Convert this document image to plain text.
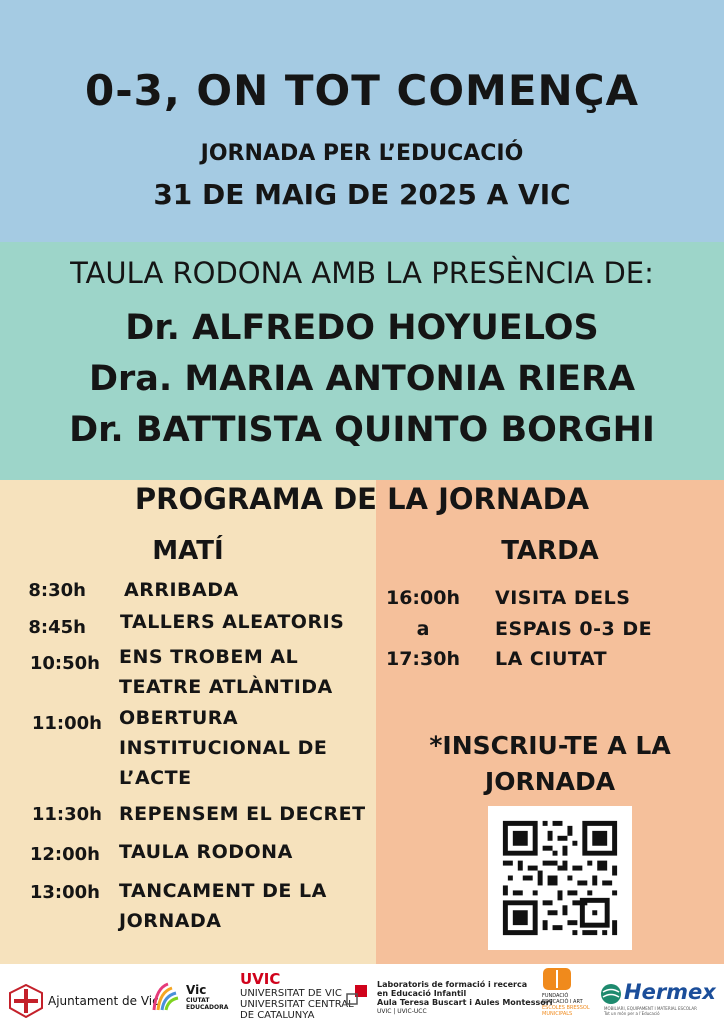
0-3, ON TOT COMENÇA
JORNADA PER L’EDUCACIÓ
31 DE MAIG DE 2025 A VIC
TAULA RODONA AMB LA PRESÈNCIA DE:
Dr. ALFREDO HOYUELOS
Dra. MARIA ANTONIA RIERA
Dr. BATTISTA QUINTO BORGHI
PROGRAMA DE LA JORNADA
MATÍ	TARDA
8:30h ARRIBADA
8:45h TALLERS ALEATORIS
10:50h ENS TROBEM AL
TEATRE ATLÀNTIDA
11:00h OBERTURA
INSTITUCIONAL DE
L’ACTE
11:30h REPENSEM EL DECRET
12:00h TAULA RODONA
13:00h TANCAMENT DE LA
JORNADA
16:00h
a
17:30h
VISITA DELS
ESPAIS 0-3 DE
LA CIUTAT
*INSCRIU-TE A LA
JORNADA
Ajuntament de Vic
Vic
CIUTAT
EDUCADORA
UVIC
UNIVERSITAT DE VIC
UNIVERSITAT CENTRAL
DE CATALUNYA
Laboratoris de formació i recerca
en Educació Infantil
Aula Teresa Buscart i Aules Montessori
UVIC | UVIC-UCC
FUNDACIÓ
EDUCACIÓ I ART
ESCOLES BRESSOL
MUNICIPALS
Hermex
MOBILIARI, EQUIPAMENT I MATERIAL ESCOLAR
Tot un món per a l’Educació
